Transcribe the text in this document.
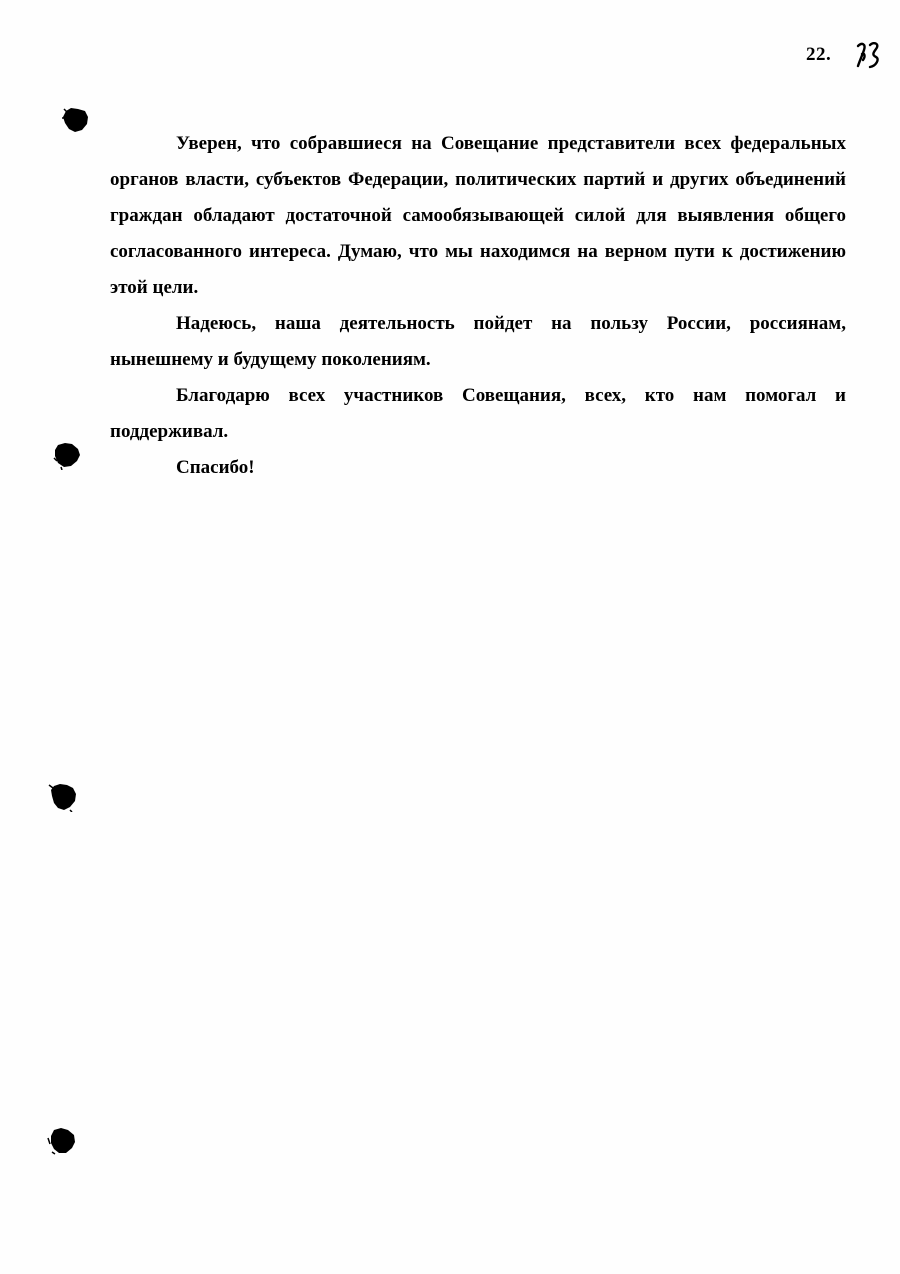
22.

Уверен, что собравшиеся на Совещание представители всех федеральных органов власти, субъектов Федерации, политических партий и других объединений граждан обладают достаточной самообязывающей силой для выявления общего согласованного интереса. Думаю, что мы находимся на верном пути к достижению этой цели.

Надеюсь, наша деятельность пойдет на пользу России, россиянам, нынешнему и будущему поколениям.

Благодарю всех участников Совещания, всех, кто нам помогал и поддерживал.

Спасибо!
